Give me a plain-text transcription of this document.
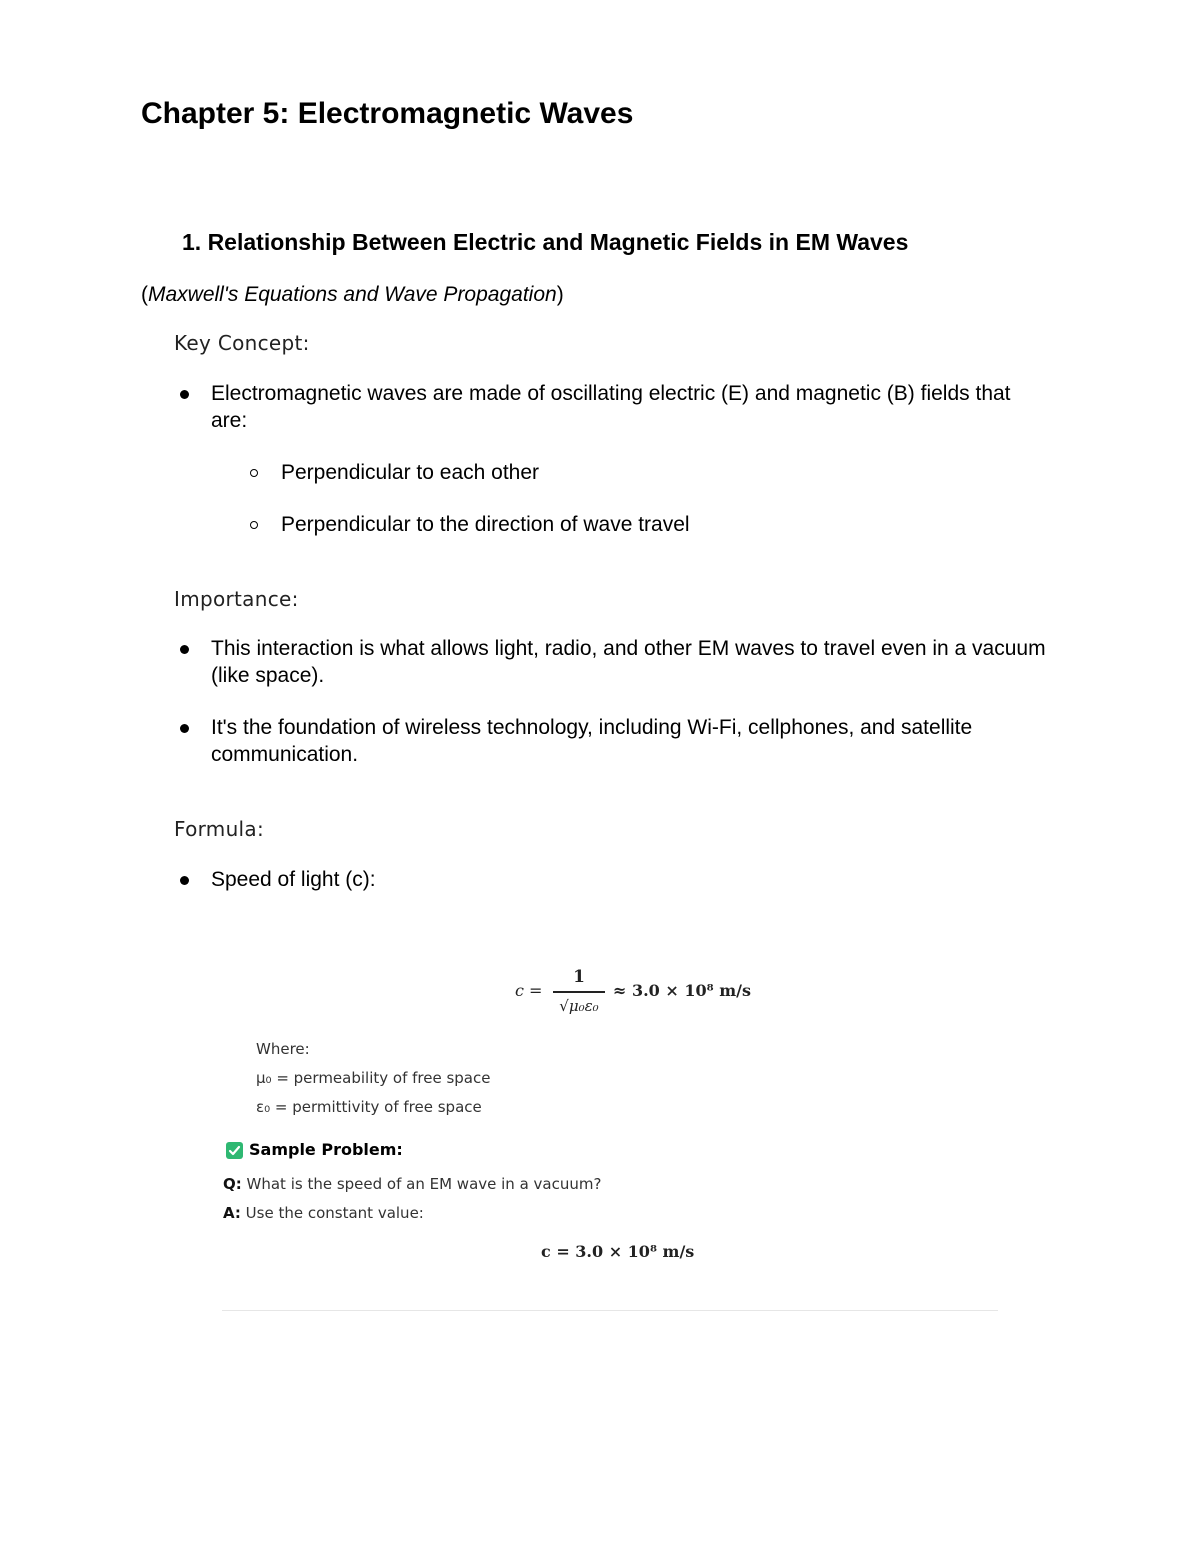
Chapter 5: Electromagnetic Waves
1. Relationship Between Electric and Magnetic Fields in EM Waves
(Maxwell's Equations and Wave Propagation)
Key Concept:
Electromagnetic waves are made of oscillating electric (E) and magnetic (B) fields that are:
Perpendicular to each other
Perpendicular to the direction of wave travel
Importance:
This interaction is what allows light, radio, and other EM waves to travel even in a vacuum (like space).
It's the foundation of wireless technology, including Wi-Fi, cellphones, and satellite communication.
Formula:
Speed of light (c):
c =
1
√μ₀ε₀
≈ 3.0 × 10⁸ m/s
Where:
μ₀ = permeability of free space
ε₀ = permittivity of free space
Sample Problem:
Q: What is the speed of an EM wave in a vacuum?
A: Use the constant value:
c = 3.0 × 10⁸ m/s
